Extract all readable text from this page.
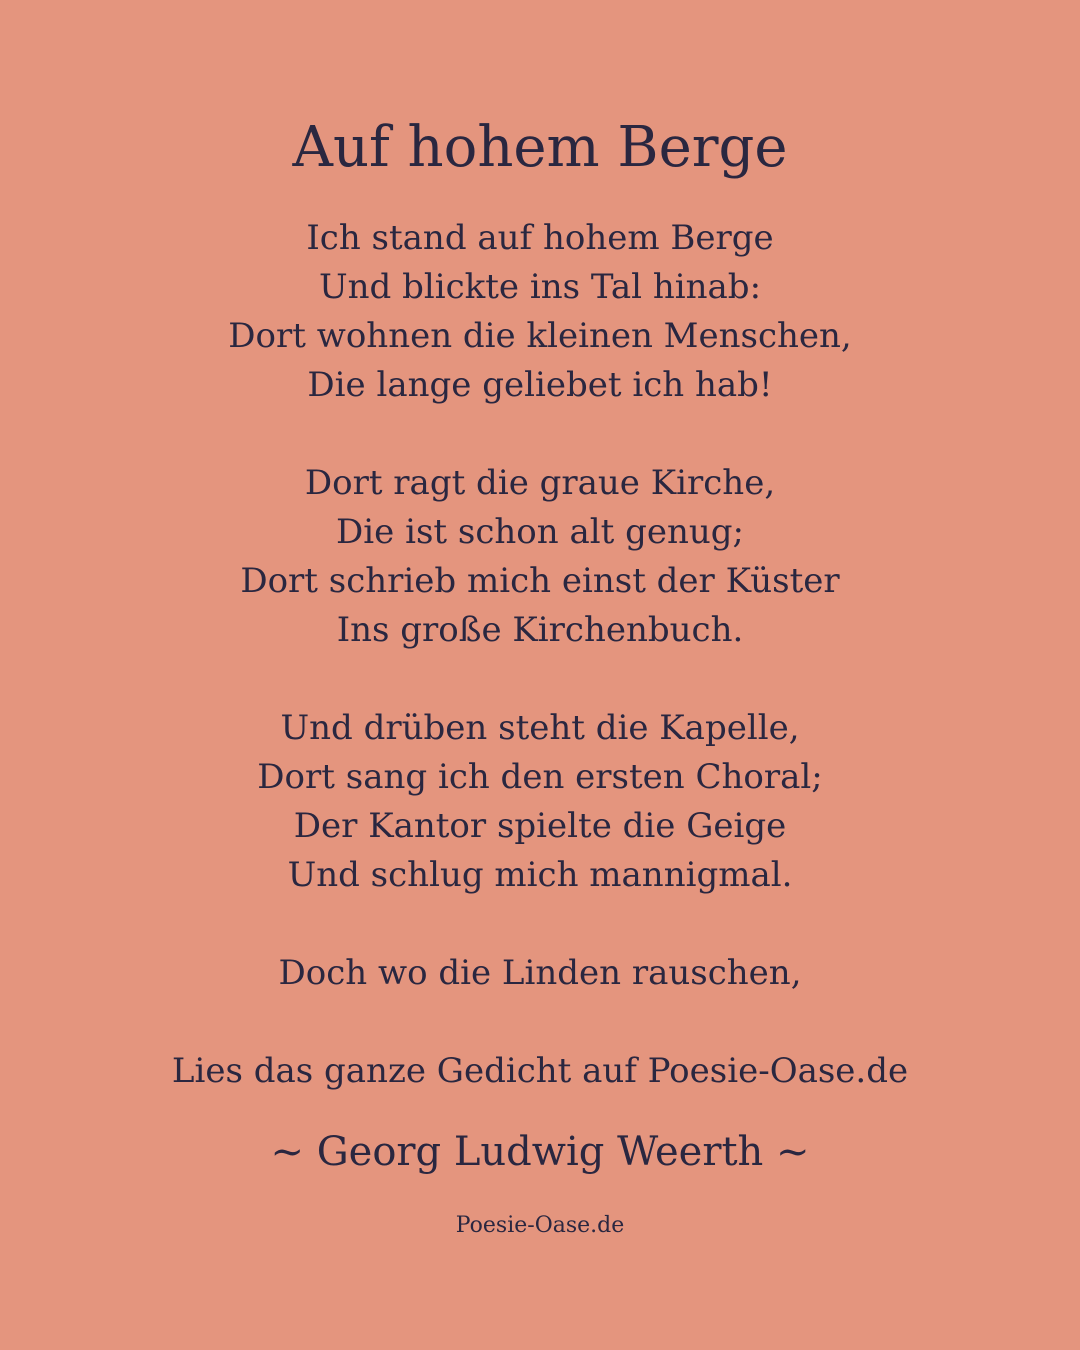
Auf hohem Berge
Ich stand auf hohem Berge
Und blickte ins Tal hinab:
Dort wohnen die kleinen Menschen,
Die lange geliebet ich hab!
Dort ragt die graue Kirche,
Die ist schon alt genug;
Dort schrieb mich einst der Küster
Ins große Kirchenbuch.
Und drüben steht die Kapelle,
Dort sang ich den ersten Choral;
Der Kantor spielte die Geige
Und schlug mich mannigmal.
Doch wo die Linden rauschen,
Lies das ganze Gedicht auf Poesie-Oase.de
~ Georg Ludwig Weerth ~
Poesie-Oase.de
